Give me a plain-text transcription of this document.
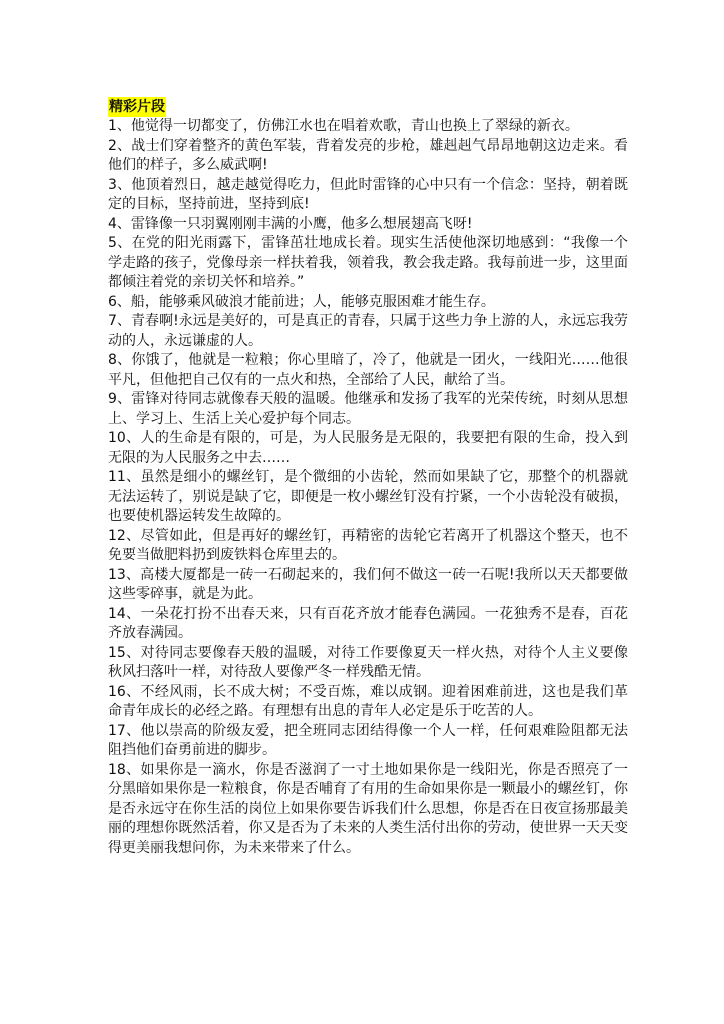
精彩片段

1、他觉得一切都变了，仿佛江水也在唱着欢歌，青山也换上了翠绿的新衣。

2、战士们穿着整齐的黄色军装，背着发亮的步枪，雄赳赳气昂昂地朝这边走来。看他们的样子，多么威武啊!

3、他顶着烈日，越走越觉得吃力，但此时雷锋的心中只有一个信念：坚持，朝着既定的目标，坚持前进，坚持到底!

4、雷锋像一只羽翼刚刚丰满的小鹰，他多么想展翅高飞呀!

5、在党的阳光雨露下，雷锋茁壮地成长着。现实生活使他深切地感到：“我像一个学走路的孩子，党像母亲一样扶着我，领着我，教会我走路。我每前进一步，这里面都倾注着党的亲切关怀和培养。”

6、船，能够乘风破浪才能前进；人，能够克服困难才能生存。

7、青春啊!永远是美好的，可是真正的青春，只属于这些力争上游的人，永远忘我劳动的人，永远谦虚的人。

8、你饿了，他就是一粒粮；你心里暗了，冷了，他就是一团火，一线阳光……他很平凡，但他把自己仅有的一点火和热，全部给了人民，献给了当。

9、雷锋对待同志就像春天般的温暖。他继承和发扬了我军的光荣传统，时刻从思想上、学习上、生活上关心爱护每个同志。

10、人的生命是有限的，可是，为人民服务是无限的，我要把有限的生命，投入到无限的为人民服务之中去……

11、虽然是细小的螺丝钉，是个微细的小齿轮，然而如果缺了它，那整个的机器就无法运转了，别说是缺了它，即便是一枚小螺丝钉没有拧紧，一个小齿轮没有破损，也要使机器运转发生故障的。

12、尽管如此，但是再好的螺丝钉，再精密的齿轮它若离开了机器这个整天，也不免要当做肥料扔到废铁料仓库里去的。

13、高楼大厦都是一砖一石砌起来的，我们何不做这一砖一石呢!我所以天天都要做这些零碎事，就是为此。

14、一朵花打扮不出春天来，只有百花齐放才能春色满园。一花独秀不是春，百花齐放春满园。

15、对待同志要像春天般的温暖，对待工作要像夏天一样火热，对待个人主义要像秋风扫落叶一样，对待敌人要像严冬一样残酷无情。

16、不经风雨，长不成大树；不受百炼，难以成钢。迎着困难前进，这也是我们革命青年成长的必经之路。有理想有出息的青年人必定是乐于吃苦的人。

17、他以崇高的阶级友爱，把全班同志团结得像一个人一样，任何艰难险阻都无法阻挡他们奋勇前进的脚步。

18、如果你是一滴水，你是否滋润了一寸土地如果你是一线阳光，你是否照亮了一分黑暗如果你是一粒粮食，你是否哺育了有用的生命如果你是一颗最小的螺丝钉，你是否永远守在你生活的岗位上如果你要告诉我们什么思想，你是否在日夜宣扬那最美丽的理想你既然活着，你又是否为了未来的人类生活付出你的劳动，使世界一天天变得更美丽我想问你，为未来带来了什么。
